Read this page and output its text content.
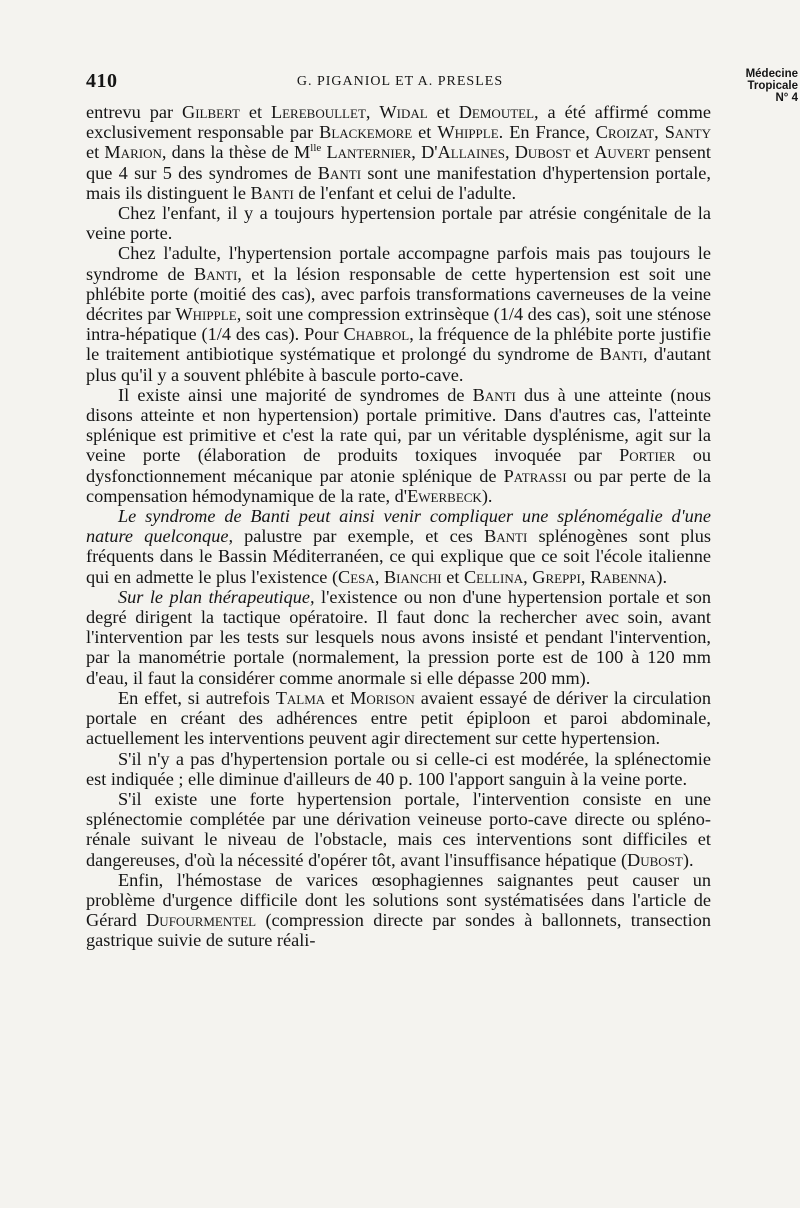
410	G. PIGANIOL ET A. PRESLES	Médecine
Tropicale
N° 4

entrevu par Gilbert et Lereboullet, Widal et Demoutel, a été affirmé comme exclusivement responsable par Blackemore et Whipple. En France, Croizat, Santy et Marion, dans la thèse de $M^{lle}$ Lanternier, D'Allaines, Dubost et Auvert pensent que 4 sur 5 des syndromes de Banti sont une manifestation d'hypertension portale, mais ils distinguent le Banti de l'enfant et celui de l'adulte.

Chez l'enfant, il y a toujours hypertension portale par atrésie congénitale de la veine porte.

Chez l'adulte, l'hypertension portale accompagne parfois mais pas toujours le syndrome de Banti, et la lésion responsable de cette hypertension est soit une phlébite porte (moitié des cas), avec parfois transformations caverneuses de la veine décrites par Whipple, soit une compression extrinsèque (1/4 des cas), soit une sténose intra-hépatique (1/4 des cas). Pour Chabrol, la fréquence de la phlébite porte justifie le traitement antibiotique systématique et prolongé du syndrome de Banti, d'autant plus qu'il y a souvent phlébite à bascule porto-cave.

Il existe ainsi une majorité de syndromes de Banti dus à une atteinte (nous disons atteinte et non hypertension) portale primitive. Dans d'autres cas, l'atteinte splénique est primitive et c'est la rate qui, par un véritable dysplénisme, agit sur la veine porte (élaboration de produits toxiques invoquée par Portier ou dysfonctionnement mécanique par atonie splénique de Patrassi ou par perte de la compensation hémodynamique de la rate, d'Ewerbeck).

Le syndrome de Banti peut ainsi venir compliquer une splénomégalie d'une nature quelconque, palustre par exemple, et ces Banti splénogènes sont plus fréquents dans le Bassin Méditerranéen, ce qui explique que ce soit l'école italienne qui en admette le plus l'existence (Cesa, Bianchi et Cellina, Greppi, Rabenna).

Sur le plan thérapeutique, l'existence ou non d'une hypertension portale et son degré dirigent la tactique opératoire. Il faut donc la rechercher avec soin, avant l'intervention par les tests sur lesquels nous avons insisté et pendant l'intervention, par la manométrie portale (normalement, la pression porte est de 100 à 120 mm d'eau, il faut la considérer comme anormale si elle dépasse 200 mm).

En effet, si autrefois Talma et Morison avaient essayé de dériver la circulation portale en créant des adhérences entre petit épiploon et paroi abdominale, actuellement les interventions peuvent agir directement sur cette hypertension.

S'il n'y a pas d'hypertension portale ou si celle-ci est modérée, la splénectomie est indiquée ; elle diminue d'ailleurs de 40 p. 100 l'apport sanguin à la veine porte.

S'il existe une forte hypertension portale, l'intervention consiste en une splénectomie complétée par une dérivation veineuse porto-cave directe ou spléno-rénale suivant le niveau de l'obstacle, mais ces interventions sont difficiles et dangereuses, d'où la nécessité d'opérer tôt, avant l'insuffisance hépatique (Dubost).

Enfin, l'hémostase de varices œsophagiennes saignantes peut causer un problème d'urgence difficile dont les solutions sont systématisées dans l'article de Gérard Dufourmentel (compression directe par sondes à ballonnets, transection gastrique suivie de suture réali-
